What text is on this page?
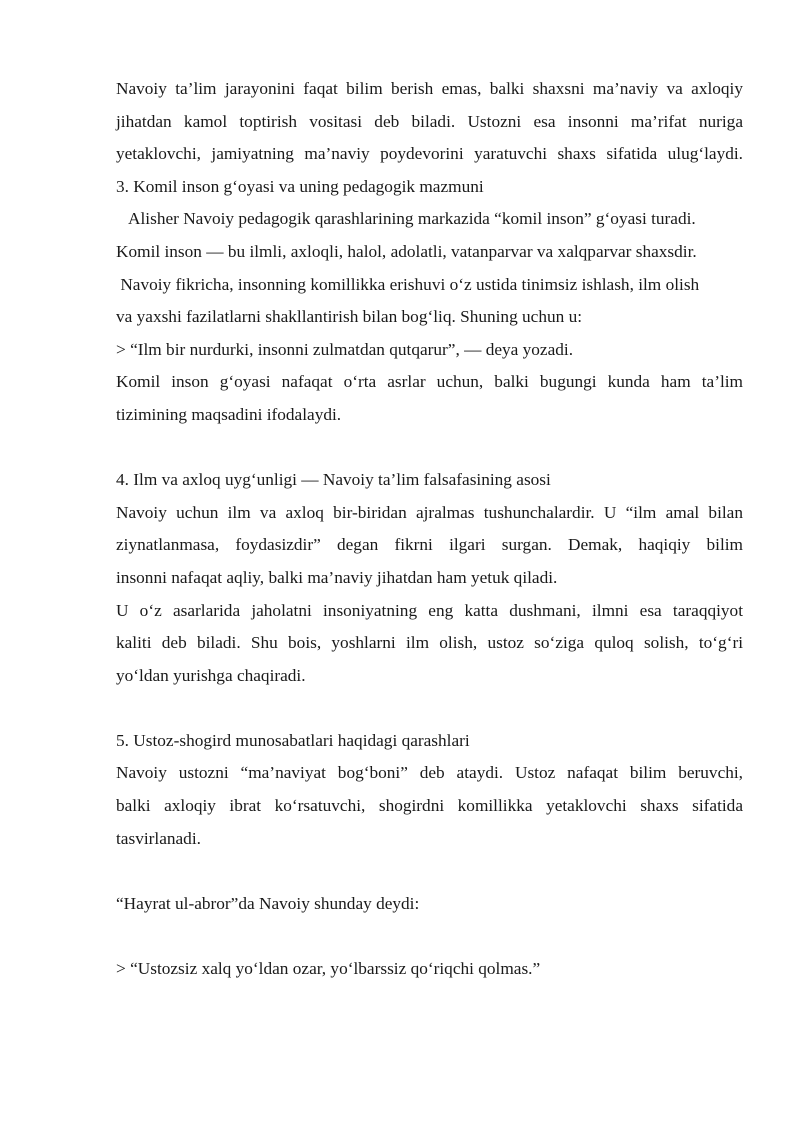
Navoiy ta’lim jarayonini faqat bilim berish emas, balki shaxsni ma’naviy va axloqiy
jihatdan kamol toptirish vositasi deb biladi. Ustozni esa insonni ma’rifat nuriga
yetaklovchi, jamiyatning ma’naviy poydevorini yaratuvchi shaxs sifatida ulug‘laydi.
3. Komil inson g‘oyasi va uning pedagogik mazmuni
Alisher Navoiy pedagogik qarashlarining markazida “komil inson” g‘oyasi turadi.
Komil inson — bu ilmli, axloqli, halol, adolatli, vatanparvar va xalqparvar shaxsdir.
Navoiy fikricha, insonning komillikka erishuvi o‘z ustida tinimsiz ishlash, ilm olish
va yaxshi fazilatlarni shakllantirish bilan bog‘liq. Shuning uchun u:
> “Ilm bir nurdurki, insonni zulmatdan qutqarur”, — deya yozadi.
Komil inson g‘oyasi nafaqat o‘rta asrlar uchun, balki bugungi kunda ham ta’lim
tizimining maqsadini ifodalaydi.
4. Ilm va axloq uyg‘unligi — Navoiy ta’lim falsafasining asosi
Navoiy uchun ilm va axloq bir-biridan ajralmas tushunchalardir. U “ilm amal bilan
ziynatlanmasa, foydasizdir” degan fikrni ilgari surgan. Demak, haqiqiy bilim
insonni nafaqat aqliy, balki ma’naviy jihatdan ham yetuk qiladi.
U o‘z asarlarida jaholatni insoniyatning eng katta dushmani, ilmni esa taraqqiyot
kaliti deb biladi. Shu bois, yoshlarni ilm olish, ustoz so‘ziga quloq solish, to‘g‘ri
yo‘ldan yurishga chaqiradi.
5. Ustoz-shogird munosabatlari haqidagi qarashlari
Navoiy ustozni “ma’naviyat bog‘boni” deb ataydi. Ustoz nafaqat bilim beruvchi,
balki axloqiy ibrat ko‘rsatuvchi, shogirdni komillikka yetaklovchi shaxs sifatida
tasvirlanadi.
“Hayrat ul-abror”da Navoiy shunday deydi:
> “Ustozsiz xalq yo‘ldan ozar, yo‘lbarssiz qo‘riqchi qolmas.”
